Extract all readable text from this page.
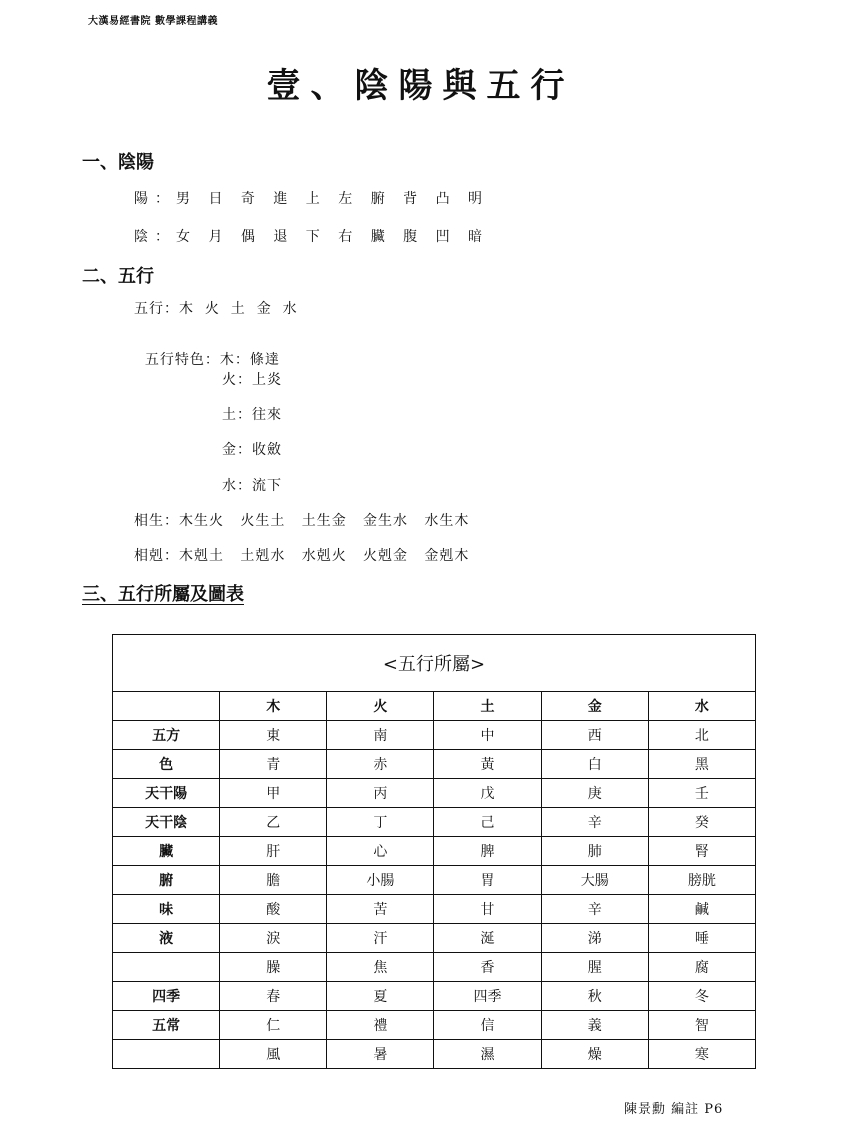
大漢易經書院 數學課程講義
壹、陰陽與五行
一、陰陽
陽：男 日 奇 進 上 左 腑 背 凸 明
陰：女 月 偶 退 下 右 臟 腹 凹 暗
二、五行
五行：木  火  土  金  水

五行特色：木：條達

火：上炎
土：往來
金：收斂
水：流下
相生：木生火   火生土   土生金   金生水   水生木
相剋：木剋土   土剋水   水剋火   火剋金   金剋木
三、五行所屬及圖表
<五行所屬>					
	木	火	土	金	水
五方	東	南	中	西	北
色	青	赤	黃	白	黑
天干陽	甲	丙	戊	庚	壬
天干陰	乙	丁	己	辛	癸
臟	肝	心	脾	肺	腎
腑	膽	小腸	胃	大腸	膀胱
味	酸	苦	甘	辛	鹹
液	淚	汗	涎	涕	唾
	臊	焦	香	腥	腐
四季	春	夏	四季	秋	冬
五常	仁	禮	信	義	智
	風	暑	濕	燥	寒
陳景勳 編註 P6
